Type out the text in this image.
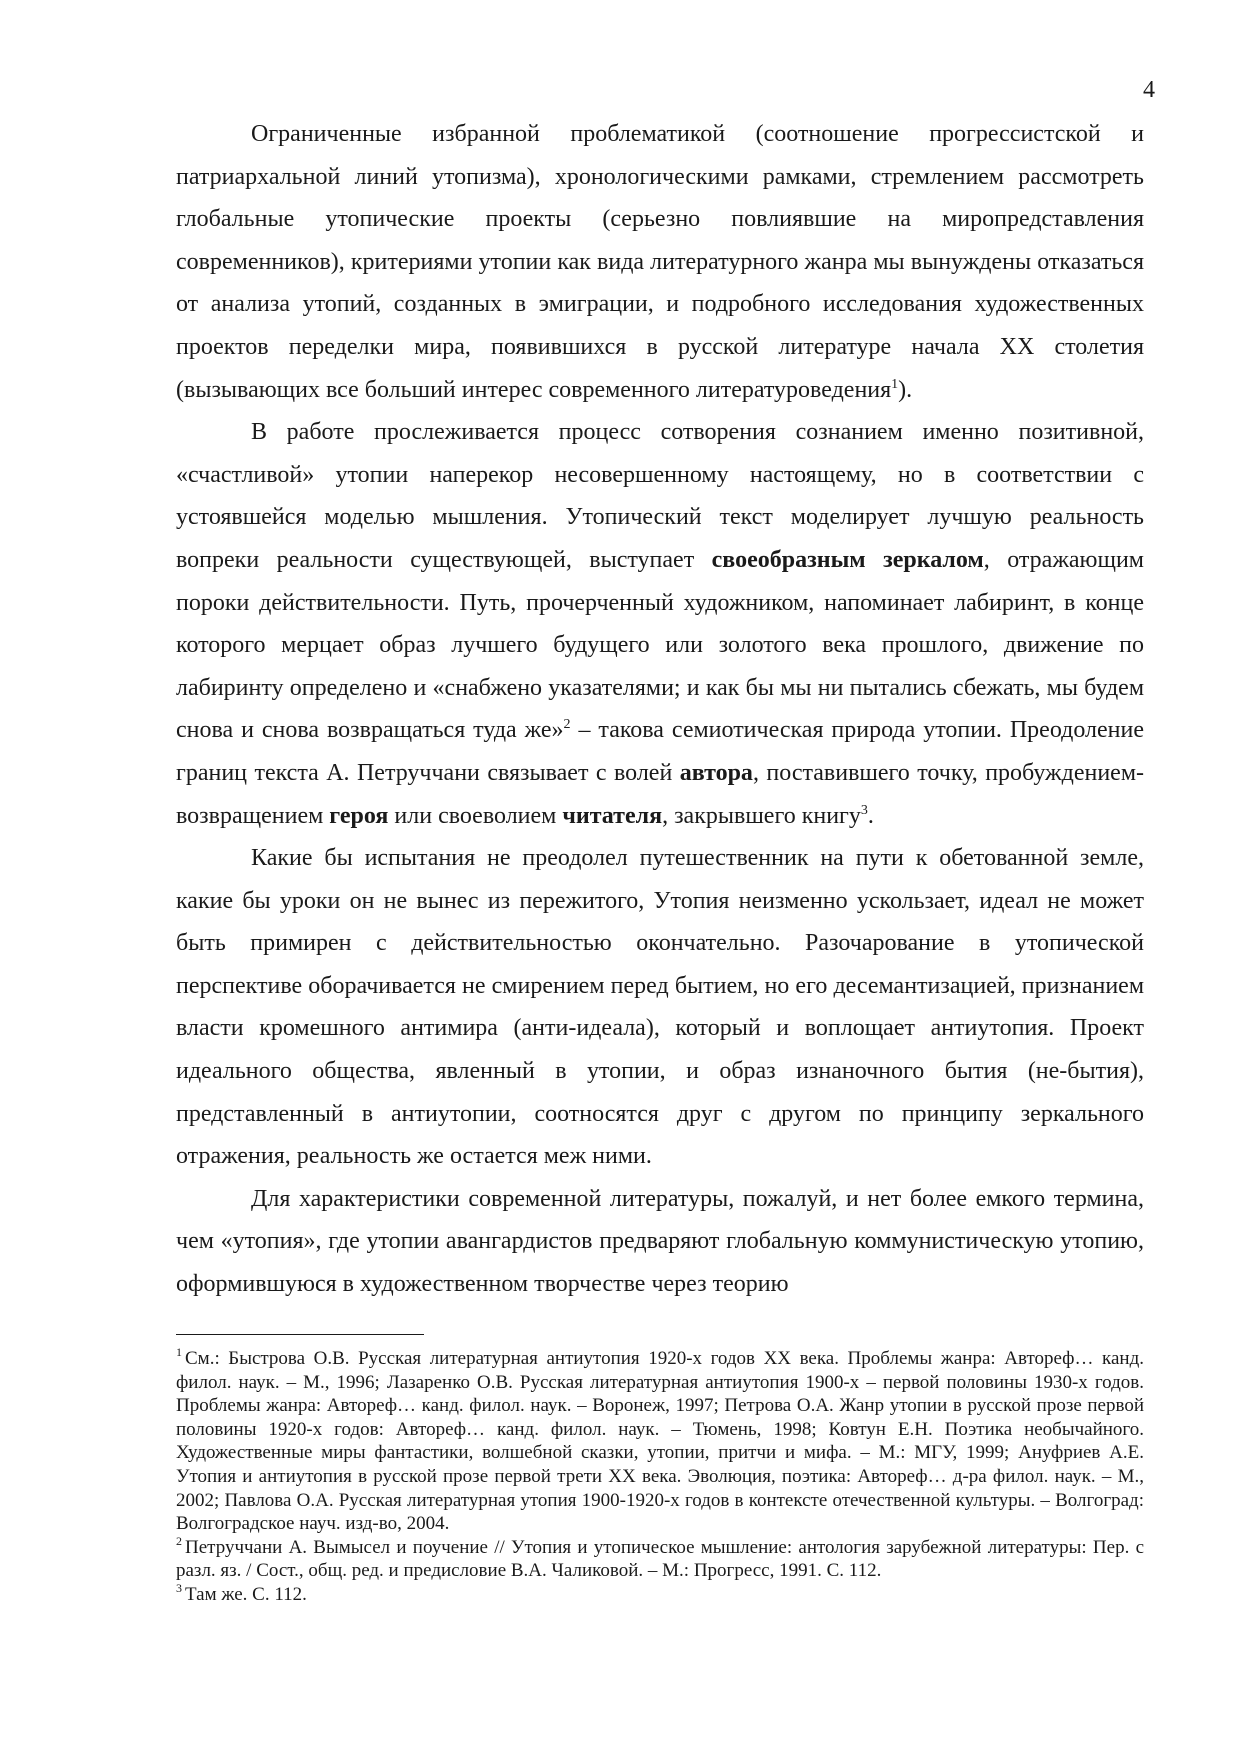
4

Ограниченные избранной проблематикой (соотношение прогрессистской и патриархальной линий утопизма), хронологическими рамками, стремлением рассмотреть глобальные утопические проекты (серьезно повлиявшие на миропредставления современников), критериями утопии как вида литературного жанра мы вынуждены отказаться от анализа утопий, созданных в эмиграции, и подробного исследования художественных проектов переделки мира, появившихся в русской литературе начала XX столетия (вызывающих все больший интерес современного литературоведения$^1$).

В работе прослеживается процесс сотворения сознанием именно позитивной, «счастливой» утопии наперекор несовершенному настоящему, но в соответствии с устоявшейся моделью мышления. Утопический текст моделирует лучшую реальность вопреки реальности существующей, выступает своеобразным зеркалом, отражающим пороки действительности. Путь, прочерченный художником, напоминает лабиринт, в конце которого мерцает образ лучшего будущего или золотого века прошлого, движение по лабиринту определено и «снабжено указателями; и как бы мы ни пытались сбежать, мы будем снова и снова возвращаться туда же»$^2$ – такова семиотическая природа утопии. Преодоление границ текста А. Петруччани связывает с волей автора, поставившего точку, пробуждением-возвращением героя или своеволием читателя, закрывшего книгу$^3$.

Какие бы испытания не преодолел путешественник на пути к обетованной земле, какие бы уроки он не вынес из пережитого, Утопия неизменно ускользает, идеал не может быть примирен с действительностью окончательно. Разочарование в утопической перспективе оборачивается не смирением перед бытием, но его десемантизацией, признанием власти кромешного антимира (анти-идеала), который и воплощает антиутопия. Проект идеального общества, явленный в утопии, и образ изнаночного бытия (не-бытия), представленный в антиутопии, соотносятся друг с другом по принципу зеркального отражения, реальность же остается меж ними.

Для характеристики современной литературы, пожалуй, и нет более емкого термина, чем «утопия», где утопии авангардистов предваряют глобальную коммунистическую утопию, оформившуюся в художественном творчестве через теорию

$^1$ См.: Быстрова О.В. Русская литературная антиутопия 1920-х годов XX века. Проблемы жанра: Автореф… канд. филол. наук. – М., 1996; Лазаренко О.В. Русская литературная антиутопия 1900-х – первой половины 1930-х годов. Проблемы жанра: Автореф… канд. филол. наук. – Воронеж, 1997; Петрова О.А. Жанр утопии в русской прозе первой половины 1920-х годов: Автореф… канд. филол. наук. – Тюмень, 1998; Ковтун Е.Н. Поэтика необычайного. Художественные миры фантастики, волшебной сказки, утопии, притчи и мифа. – М.: МГУ, 1999; Ануфриев А.Е. Утопия и антиутопия в русской прозе первой трети XX века. Эволюция, поэтика: Автореф… д-ра филол. наук. – М., 2002; Павлова О.А. Русская литературная утопия 1900-1920-х годов в контексте отечественной культуры. – Волгоград: Волгоградское науч. изд-во, 2004.

$^2$ Петруччани А. Вымысел и поучение // Утопия и утопическое мышление: антология зарубежной литературы: Пер. с разл. яз. / Сост., общ. ред. и предисловие В.А. Чаликовой. – М.: Прогресс, 1991. С. 112.

$^3$ Там же. С. 112.
